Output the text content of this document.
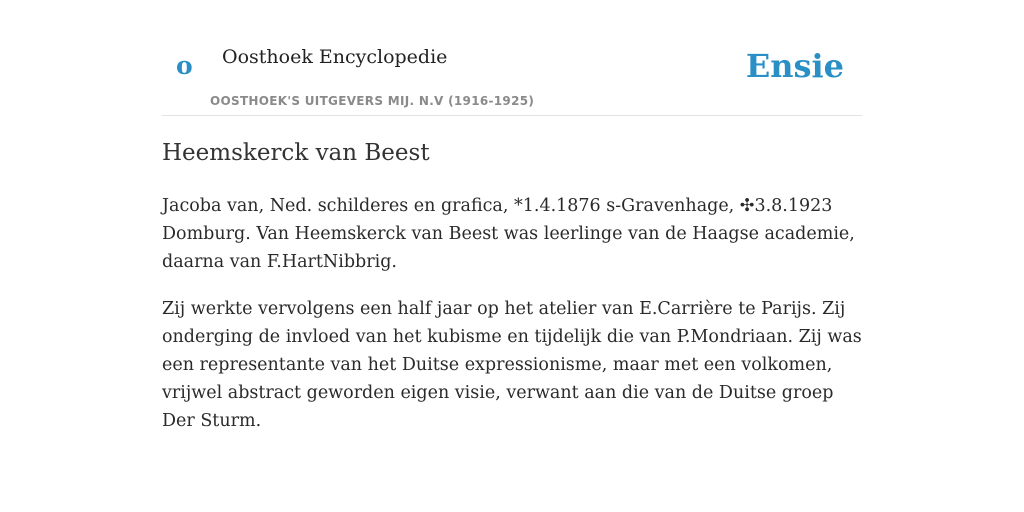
o Oosthoek Encyclopedie
OOSTHOEK'S UITGEVERS MIJ. N.V (1916-1925)
Ensie
Heemskerck van Beest

Jacoba van, Ned. schilderes en grafica, *1.4.1876 s-Gravenhage, ✣3.8.1923 Domburg. Van Heemskerck van Beest was leerlinge van de Haagse academie, daarna van F.HartNibbrig.

Zij werkte vervolgens een half jaar op het atelier van E.Carrière te Parijs. Zij onderging de invloed van het kubisme en tijdelijk die van P.Mondriaan. Zij was een representante van het Duitse expressionisme, maar met een volkomen, vrijwel abstract geworden eigen visie, verwant aan die van de Duitse groep Der Sturm.
